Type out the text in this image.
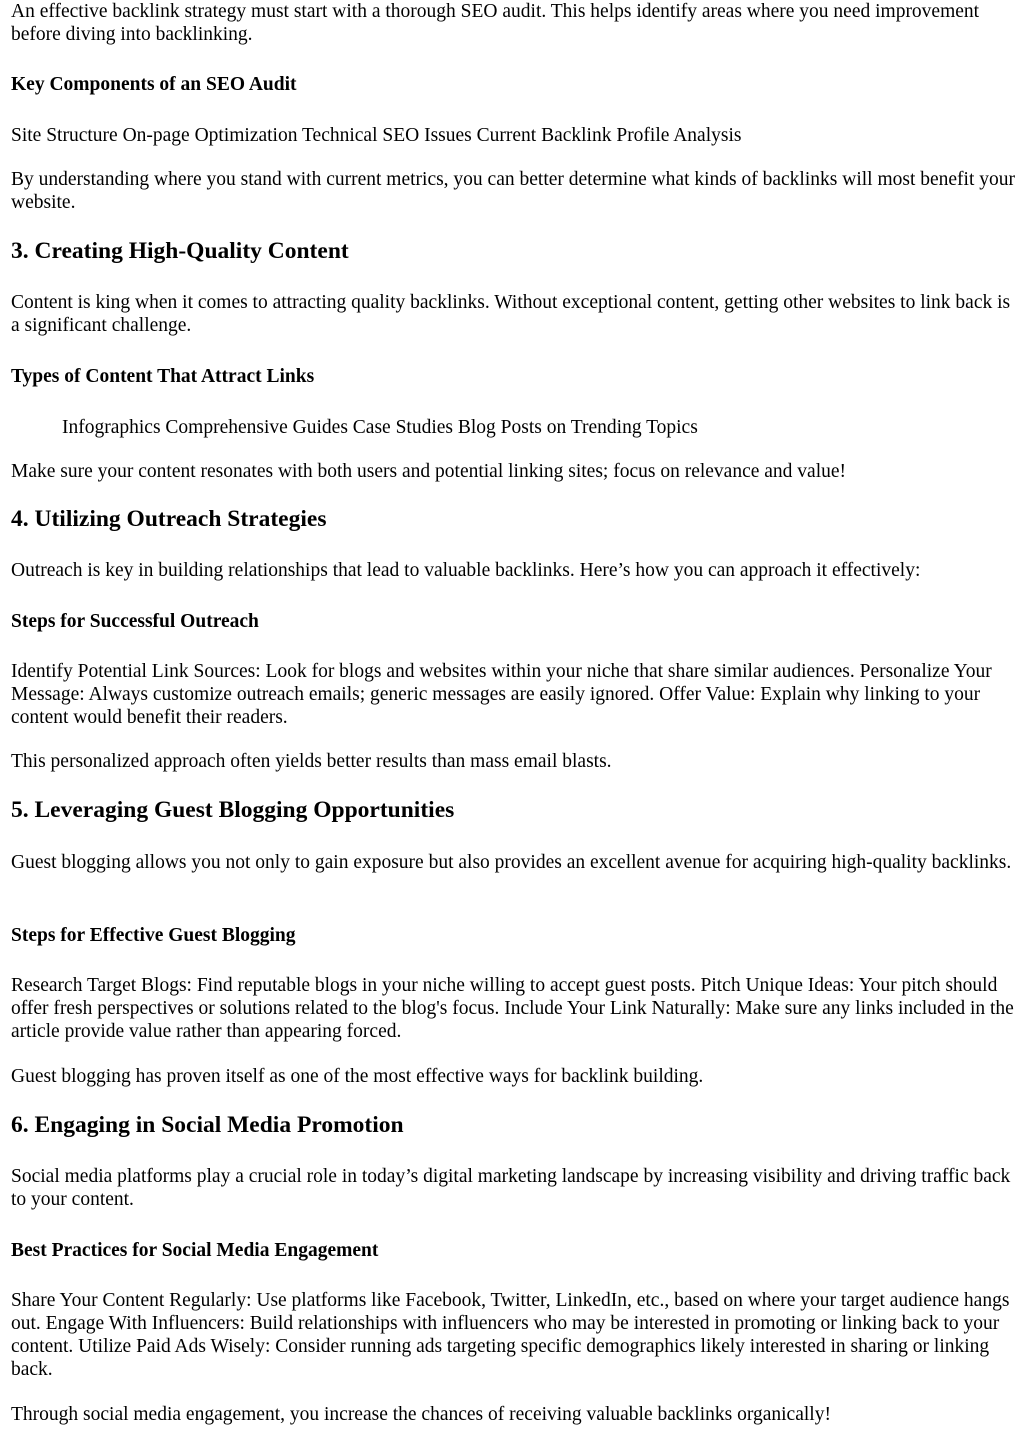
An effective backlink strategy must start with a thorough SEO audit. This helps identify areas where you need improvement before diving into backlinking.

Key Components of an SEO Audit

Site Structure On-page Optimization Technical SEO Issues Current Backlink Profile Analysis

By understanding where you stand with current metrics, you can better determine what kinds of backlinks will most benefit your website.

3. Creating High-Quality Content

Content is king when it comes to attracting quality backlinks. Without exceptional content, getting other websites to link back is a significant challenge.

Types of Content That Attract Links

Infographics Comprehensive Guides Case Studies Blog Posts on Trending Topics

Make sure your content resonates with both users and potential linking sites; focus on relevance and value!

4. Utilizing Outreach Strategies

Outreach is key in building relationships that lead to valuable backlinks. Here’s how you can approach it effectively:

Steps for Successful Outreach

Identify Potential Link Sources: Look for blogs and websites within your niche that share similar audiences. Personalize Your Message: Always customize outreach emails; generic messages are easily ignored. Offer Value: Explain why linking to your content would benefit their readers.

This personalized approach often yields better results than mass email blasts.

5. Leveraging Guest Blogging Opportunities

Guest blogging allows you not only to gain exposure but also provides an excellent avenue for acquiring high-quality backlinks.

Steps for Effective Guest Blogging

Research Target Blogs: Find reputable blogs in your niche willing to accept guest posts. Pitch Unique Ideas: Your pitch should offer fresh perspectives or solutions related to the blog's focus. Include Your Link Naturally: Make sure any links included in the article provide value rather than appearing forced.

Guest blogging has proven itself as one of the most effective ways for backlink building.

6. Engaging in Social Media Promotion

Social media platforms play a crucial role in today’s digital marketing landscape by increasing visibility and driving traffic back to your content.

Best Practices for Social Media Engagement

Share Your Content Regularly: Use platforms like Facebook, Twitter, LinkedIn, etc., based on where your target audience hangs out. Engage With Influencers: Build relationships with influencers who may be interested in promoting or linking back to your content. Utilize Paid Ads Wisely: Consider running ads targeting specific demographics likely interested in sharing or linking back.

Through social media engagement, you increase the chances of receiving valuable backlinks organically!
